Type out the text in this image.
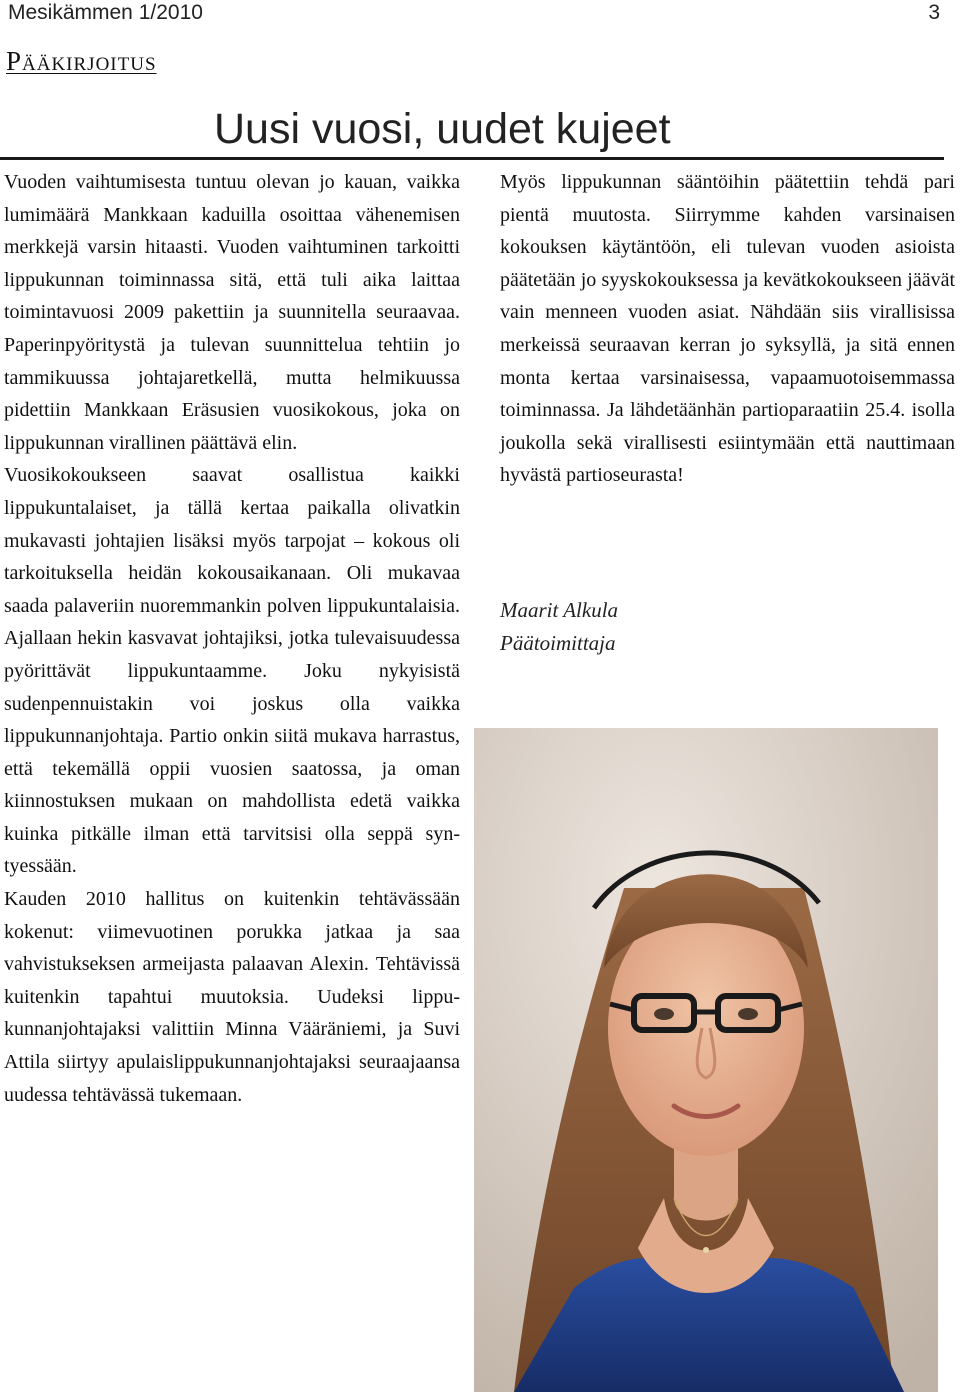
Mesikämmen 1/2010	3
Pääkirjoitus
Uusi vuosi, uudet kujeet

Vuoden vaihtumisesta tuntuu olevan jo kauan, vaikka lumimäärä Mankkaan kaduilla osoittaa vähenemisen merkkejä varsin hitaasti. Vuoden vaihtuminen tarkoitti lippukunnan toiminnassa sitä, että tuli aika laittaa toimintavuosi 2009 pakettiin ja suunnitella seuraavaa. Paperinpyöritystä ja tulevan suunnittelua tehtiin jo tammikuussa johtajaretkellä, mutta helmikuussa pidettiin Mankkaan Eräsusien vuosikokous, joka on lippukunnan virallinen päättävä elin.

Vuosikokoukseen saavat osallistua kaikki lippukuntalaiset, ja tällä kertaa paikalla olivatkin mukavasti johtajien lisäksi myös tarpojat – kokous oli tarkoituksella heidän kokousaikanaan. Oli mukavaa saada palaveriin nuoremmankin polven lippukuntalaisia. Ajallaan hekin kasvavat johtajiksi, jotka tulevaisuudessa pyörittävät lippukuntaamme. Joku nykyisistä sudenpennuistakin voi joskus olla vaikka lippukunnanjohtaja. Partio onkin siitä mukava harrastus, että tekemällä oppii vuosien saatossa, ja oman kiinnostuksen mukaan on mahdollista edetä vaikka kuinka pitkälle ilman että tarvitsisi olla seppä syntyessään.

Kauden 2010 hallitus on kuitenkin tehtävässään kokenut: viimevuotinen porukka jatkaa ja saa vahvistukseksen armeijasta palaavan Alexin. Tehtävissä kuitenkin tapahtui muutoksia. Uudeksi lippukunnanjohtajaksi valittiin Minna Vääräniemi, ja Suvi Attila siirtyy apulaislippukunnanjohtajaksi seuraajaansa uudessa tehtävässä tukemaan.

Myös lippukunnan sääntöihin päätettiin tehdä pari pientä muutosta. Siirrymme kahden varsinaisen kokouksen käytäntöön, eli tulevan vuoden asioista päätetään jo syyskokouksessa ja kevätkokoukseen jäävät vain menneen vuoden asiat. Nähdään siis virallisissa merkeissä seuraavan kerran jo syksyllä, ja sitä ennen monta kertaa varsinaisessa, vapaamuotoisemmassa toiminnassa. Ja lähdetäänhän partioparaatiin 25.4. isolla joukolla sekä virallisesti esiintymään että nauttimaan hyvästä partioseurasta!

Maarit Alkula
Päätoimittaja
